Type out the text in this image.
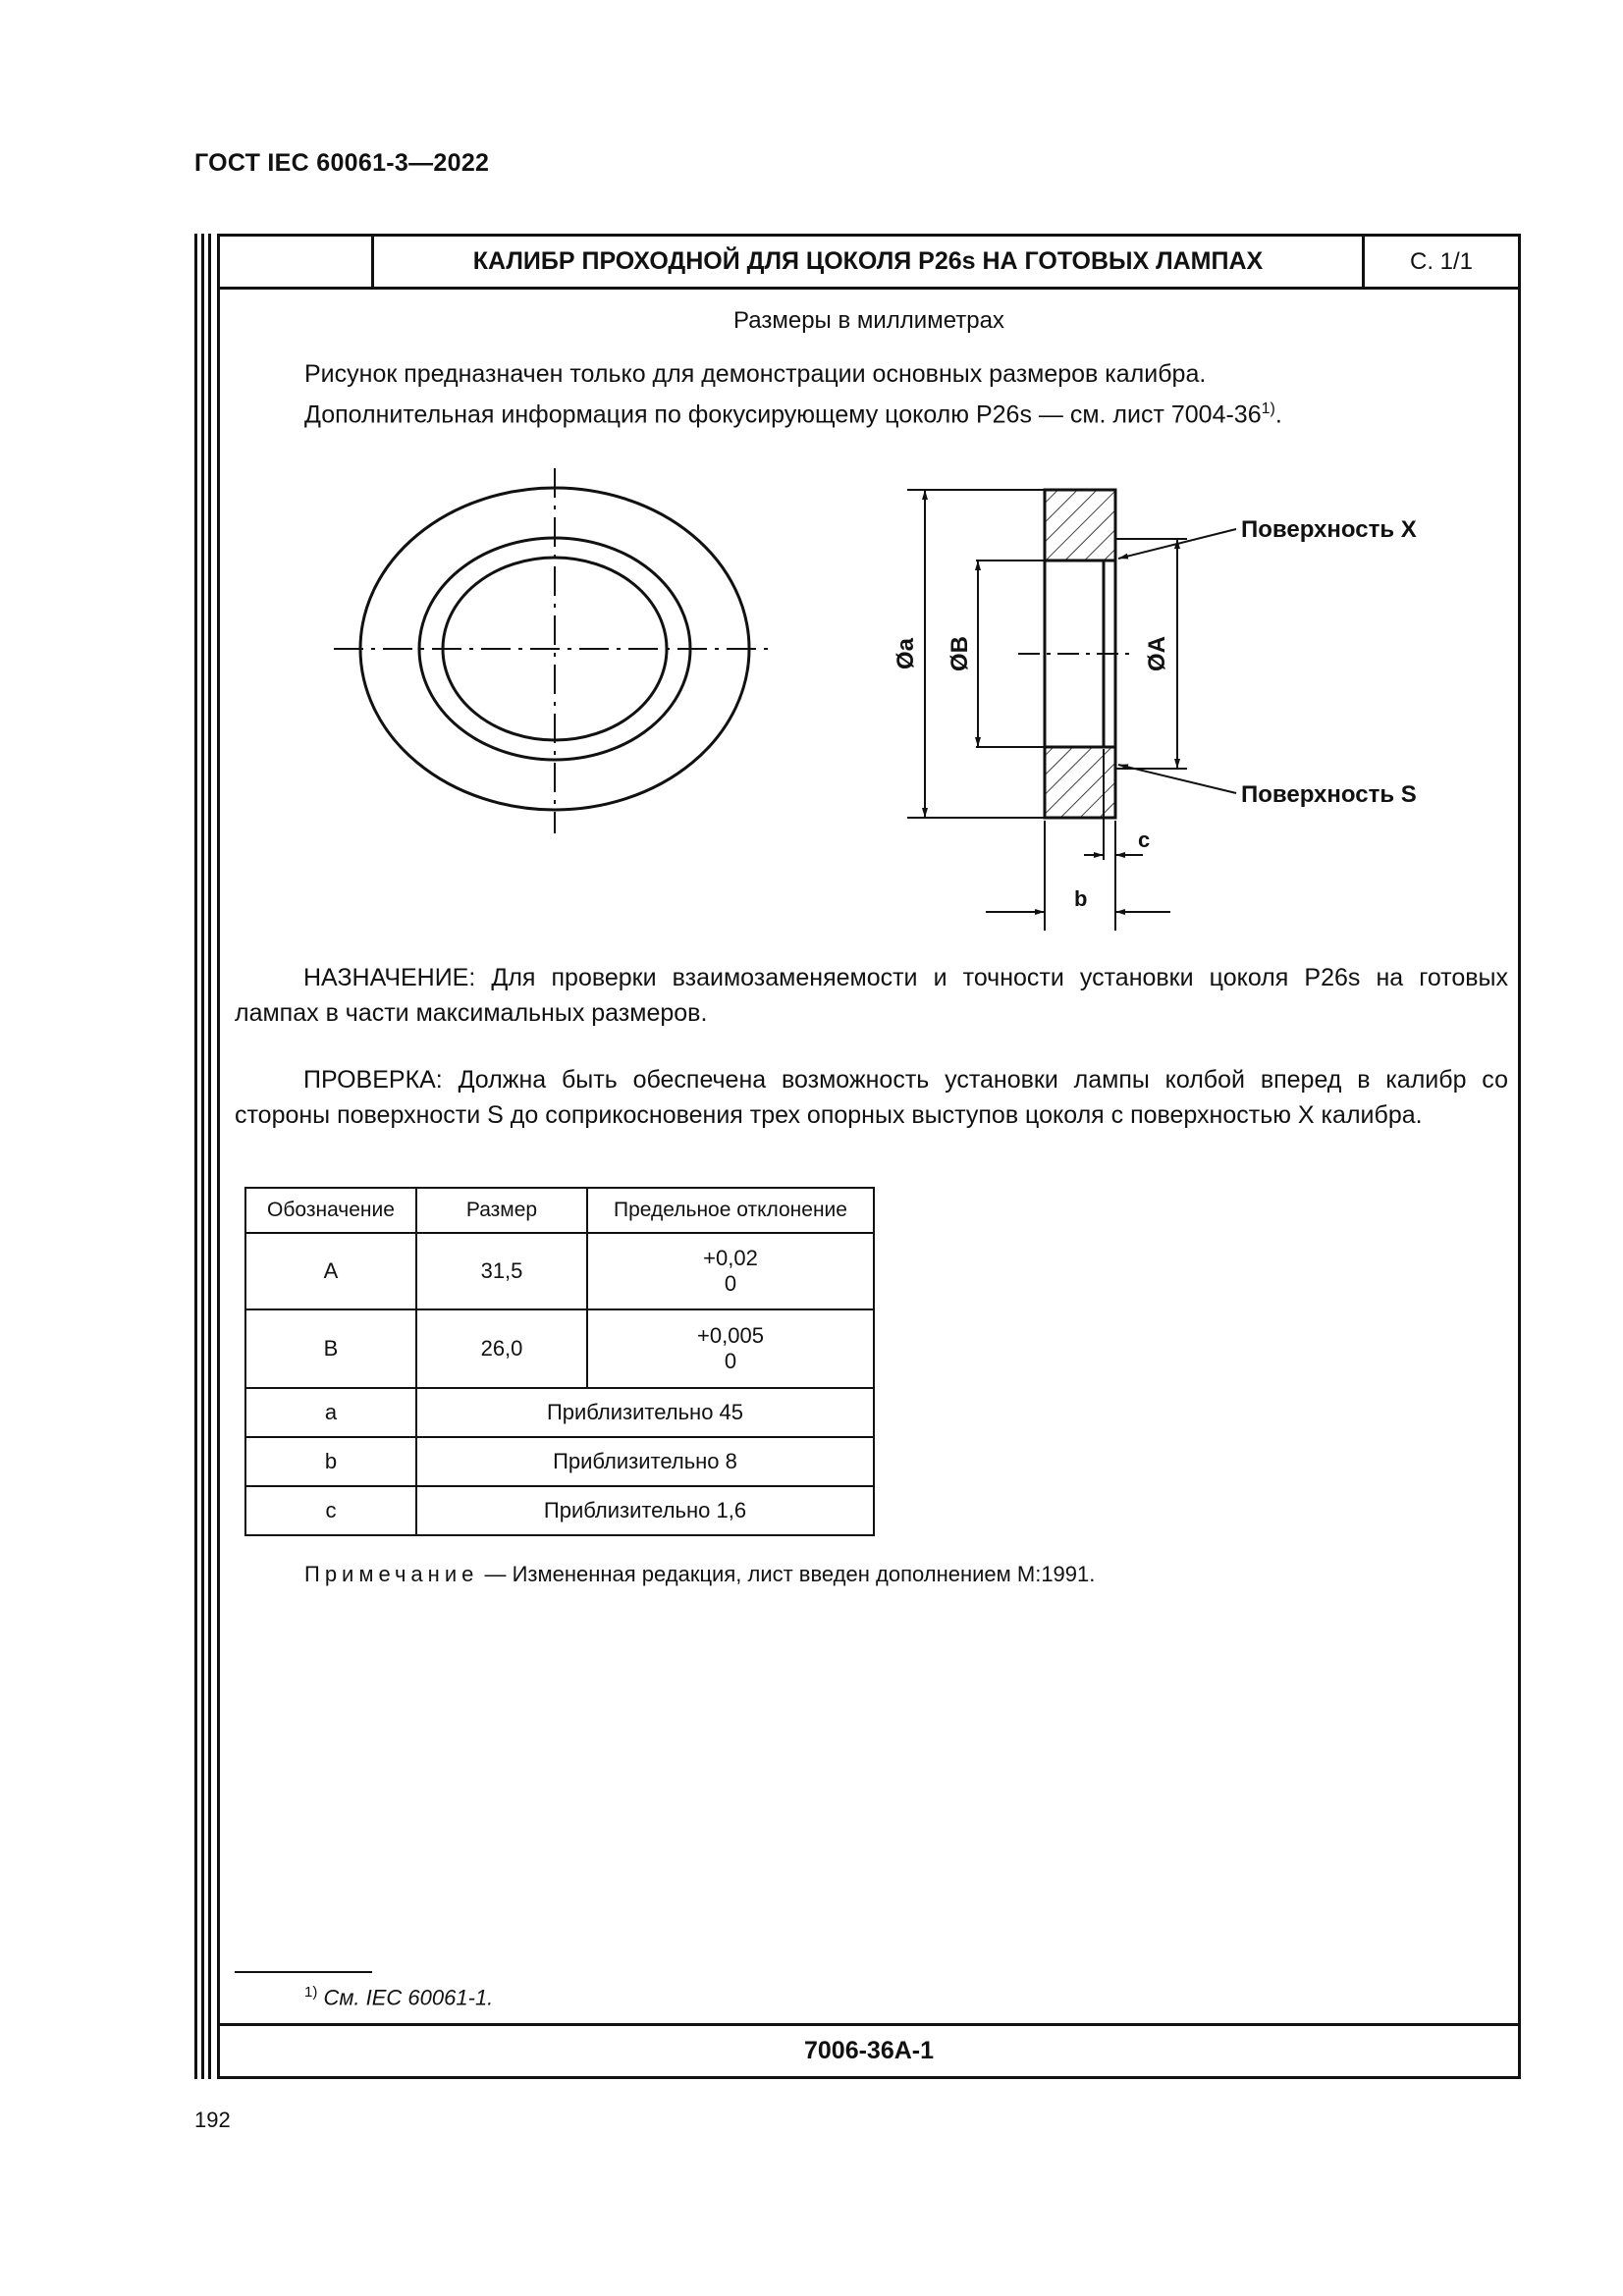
ГОСТ IEC 60061-3—2022
КАЛИБР ПРОХОДНОЙ ДЛЯ ЦОКОЛЯ P26s НА ГОТОВЫХ ЛАМПАХ	С. 1/1
Размеры в миллиметрах
Рисунок предназначен только для демонстрации основных размеров калибра.
Дополнительная информация по фокусирующему цоколю P26s — см. лист 7004-36$^{1)}$.
Øa ØB	ØA
c
b
Поверхность X
Поверхность S
НАЗНАЧЕНИЕ: Для проверки взаимозаменяемости и точности установки цоколя P26s на готовых лампах в части максимальных размеров.
ПРОВЕРКА: Должна быть обеспечена возможность установки лампы колбой вперед в калибр со стороны поверхности S до соприкосновения трех опорных выступов цоколя с поверхностью X калибра.
Обозначение	Размер	Предельное отклонение
A	31,5	+0,02
0

B	26,0	+0,005
0

a	Приблизительно 45	
b	Приблизительно 8	
c	Приблизительно 1,6	
Примечание — Измененная редакция, лист введен дополнением M:1991.
$^{1)}$ См. IEC 60061-1.
7006-36A-1
192
